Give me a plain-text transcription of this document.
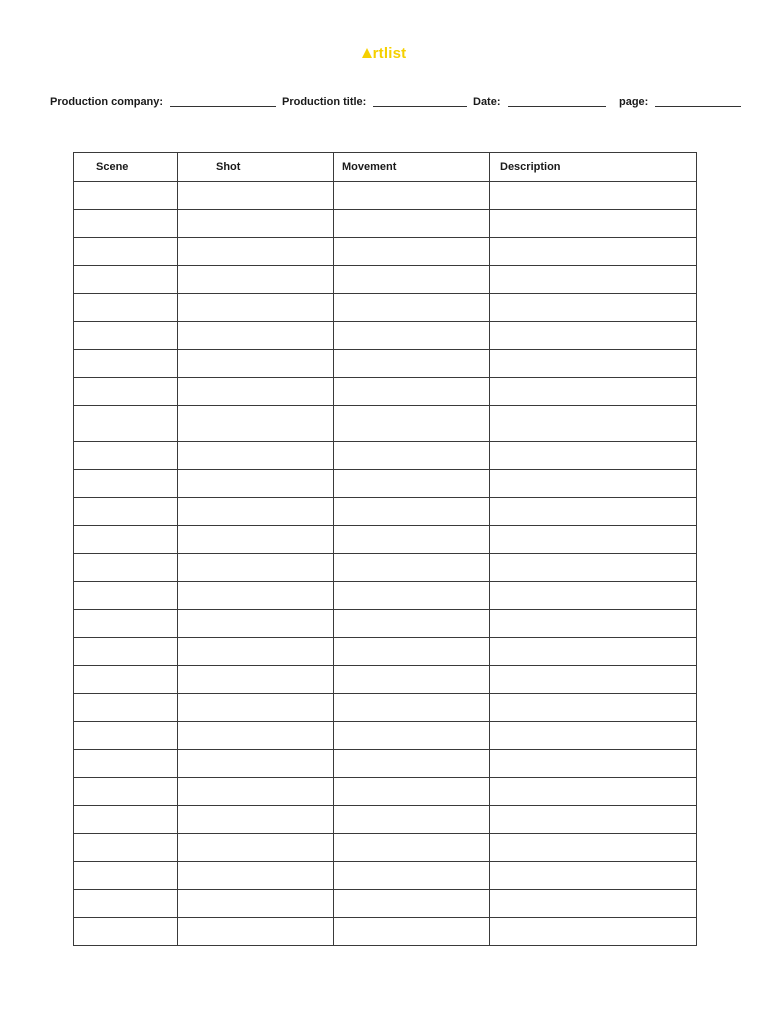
rtlist
Production company:	Production title:	Date:	page:
Scene	Shot	Movement	Description
